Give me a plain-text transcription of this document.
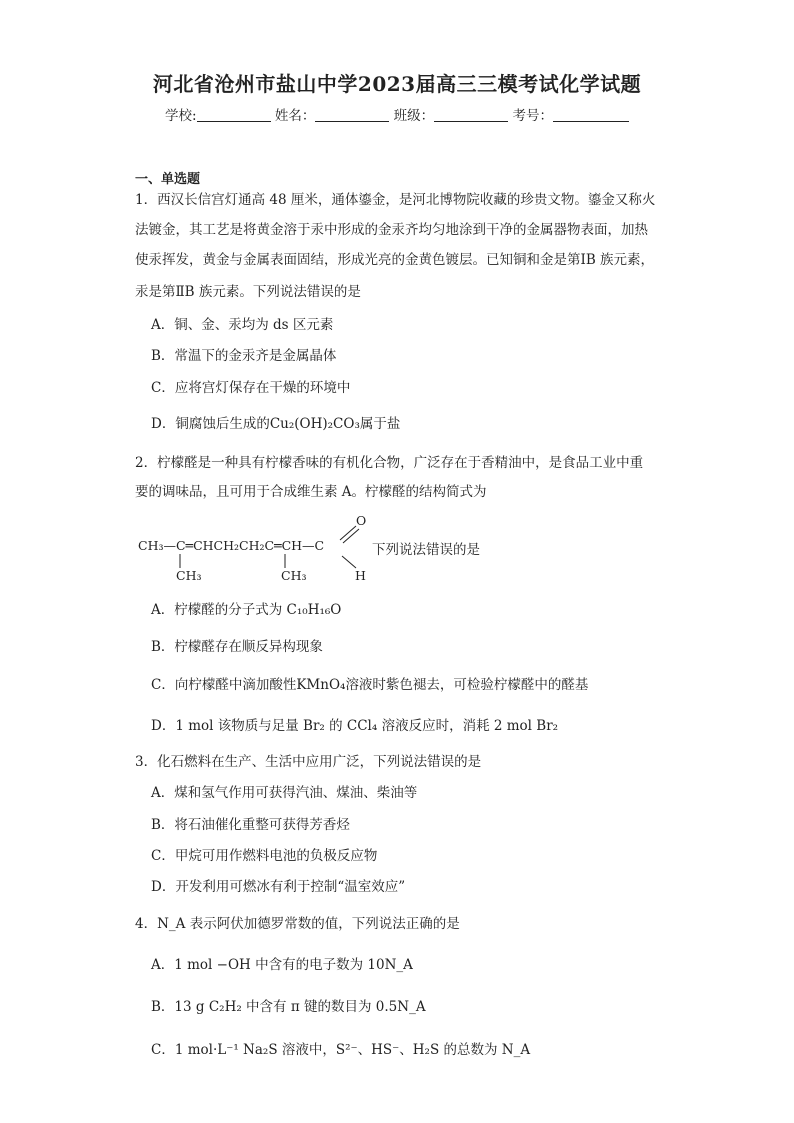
河北省沧州市盐山中学2023届高三三模考试化学试题
学校:	姓名：	班级：	考号：
一、单选题
1．西汉长信宫灯通高 48 厘米，通体鎏金，是河北博物院收藏的珍贵文物。鎏金又称火
法镀金，其工艺是将黄金溶于汞中形成的金汞齐均匀地涂到干净的金属器物表面，加热
使汞挥发，黄金与金属表面固结，形成光亮的金黄色镀层。已知铜和金是第ⅠB 族元素，
汞是第ⅡB 族元素。下列说法错误的是
A．铜、金、汞均为 ds 区元素
B．常温下的金汞齐是金属晶体
C．应将宫灯保存在干燥的环境中
D．铜腐蚀后生成的Cu₂(OH)₂CO₃属于盐
2．柠檬醛是一种具有柠檬香味的有机化合物，广泛存在于香精油中，是食品工业中重
要的调味品，且可用于合成维生素 A。柠檬醛的结构简式为
CH₃—C═CHCH₂CH₂C═CH—C
CH₃	CH₃
O
H
下列说法错误的是
A．柠檬醛的分子式为 C₁₀H₁₆O
B．柠檬醛存在顺反异构现象
C．向柠檬醛中滴加酸性KMnO₄溶液时紫色褪去，可检验柠檬醛中的醛基
D．1 mol 该物质与足量 Br₂ 的 CCl₄ 溶液反应时，消耗 2 mol Br₂
3．化石燃料在生产、生活中应用广泛，下列说法错误的是
A．煤和氢气作用可获得汽油、煤油、柴油等
B．将石油催化重整可获得芳香烃
C．甲烷可用作燃料电池的负极反应物
D．开发利用可燃冰有利于控制“温室效应”
4．N_A 表示阿伏加德罗常数的值，下列说法正确的是
A．1 mol −OH 中含有的电子数为 10N_A
B．13 g C₂H₂ 中含有 π 键的数目为 0.5N_A
C．1 mol·L⁻¹ Na₂S 溶液中，S²⁻、HS⁻、H₂S 的总数为 N_A
